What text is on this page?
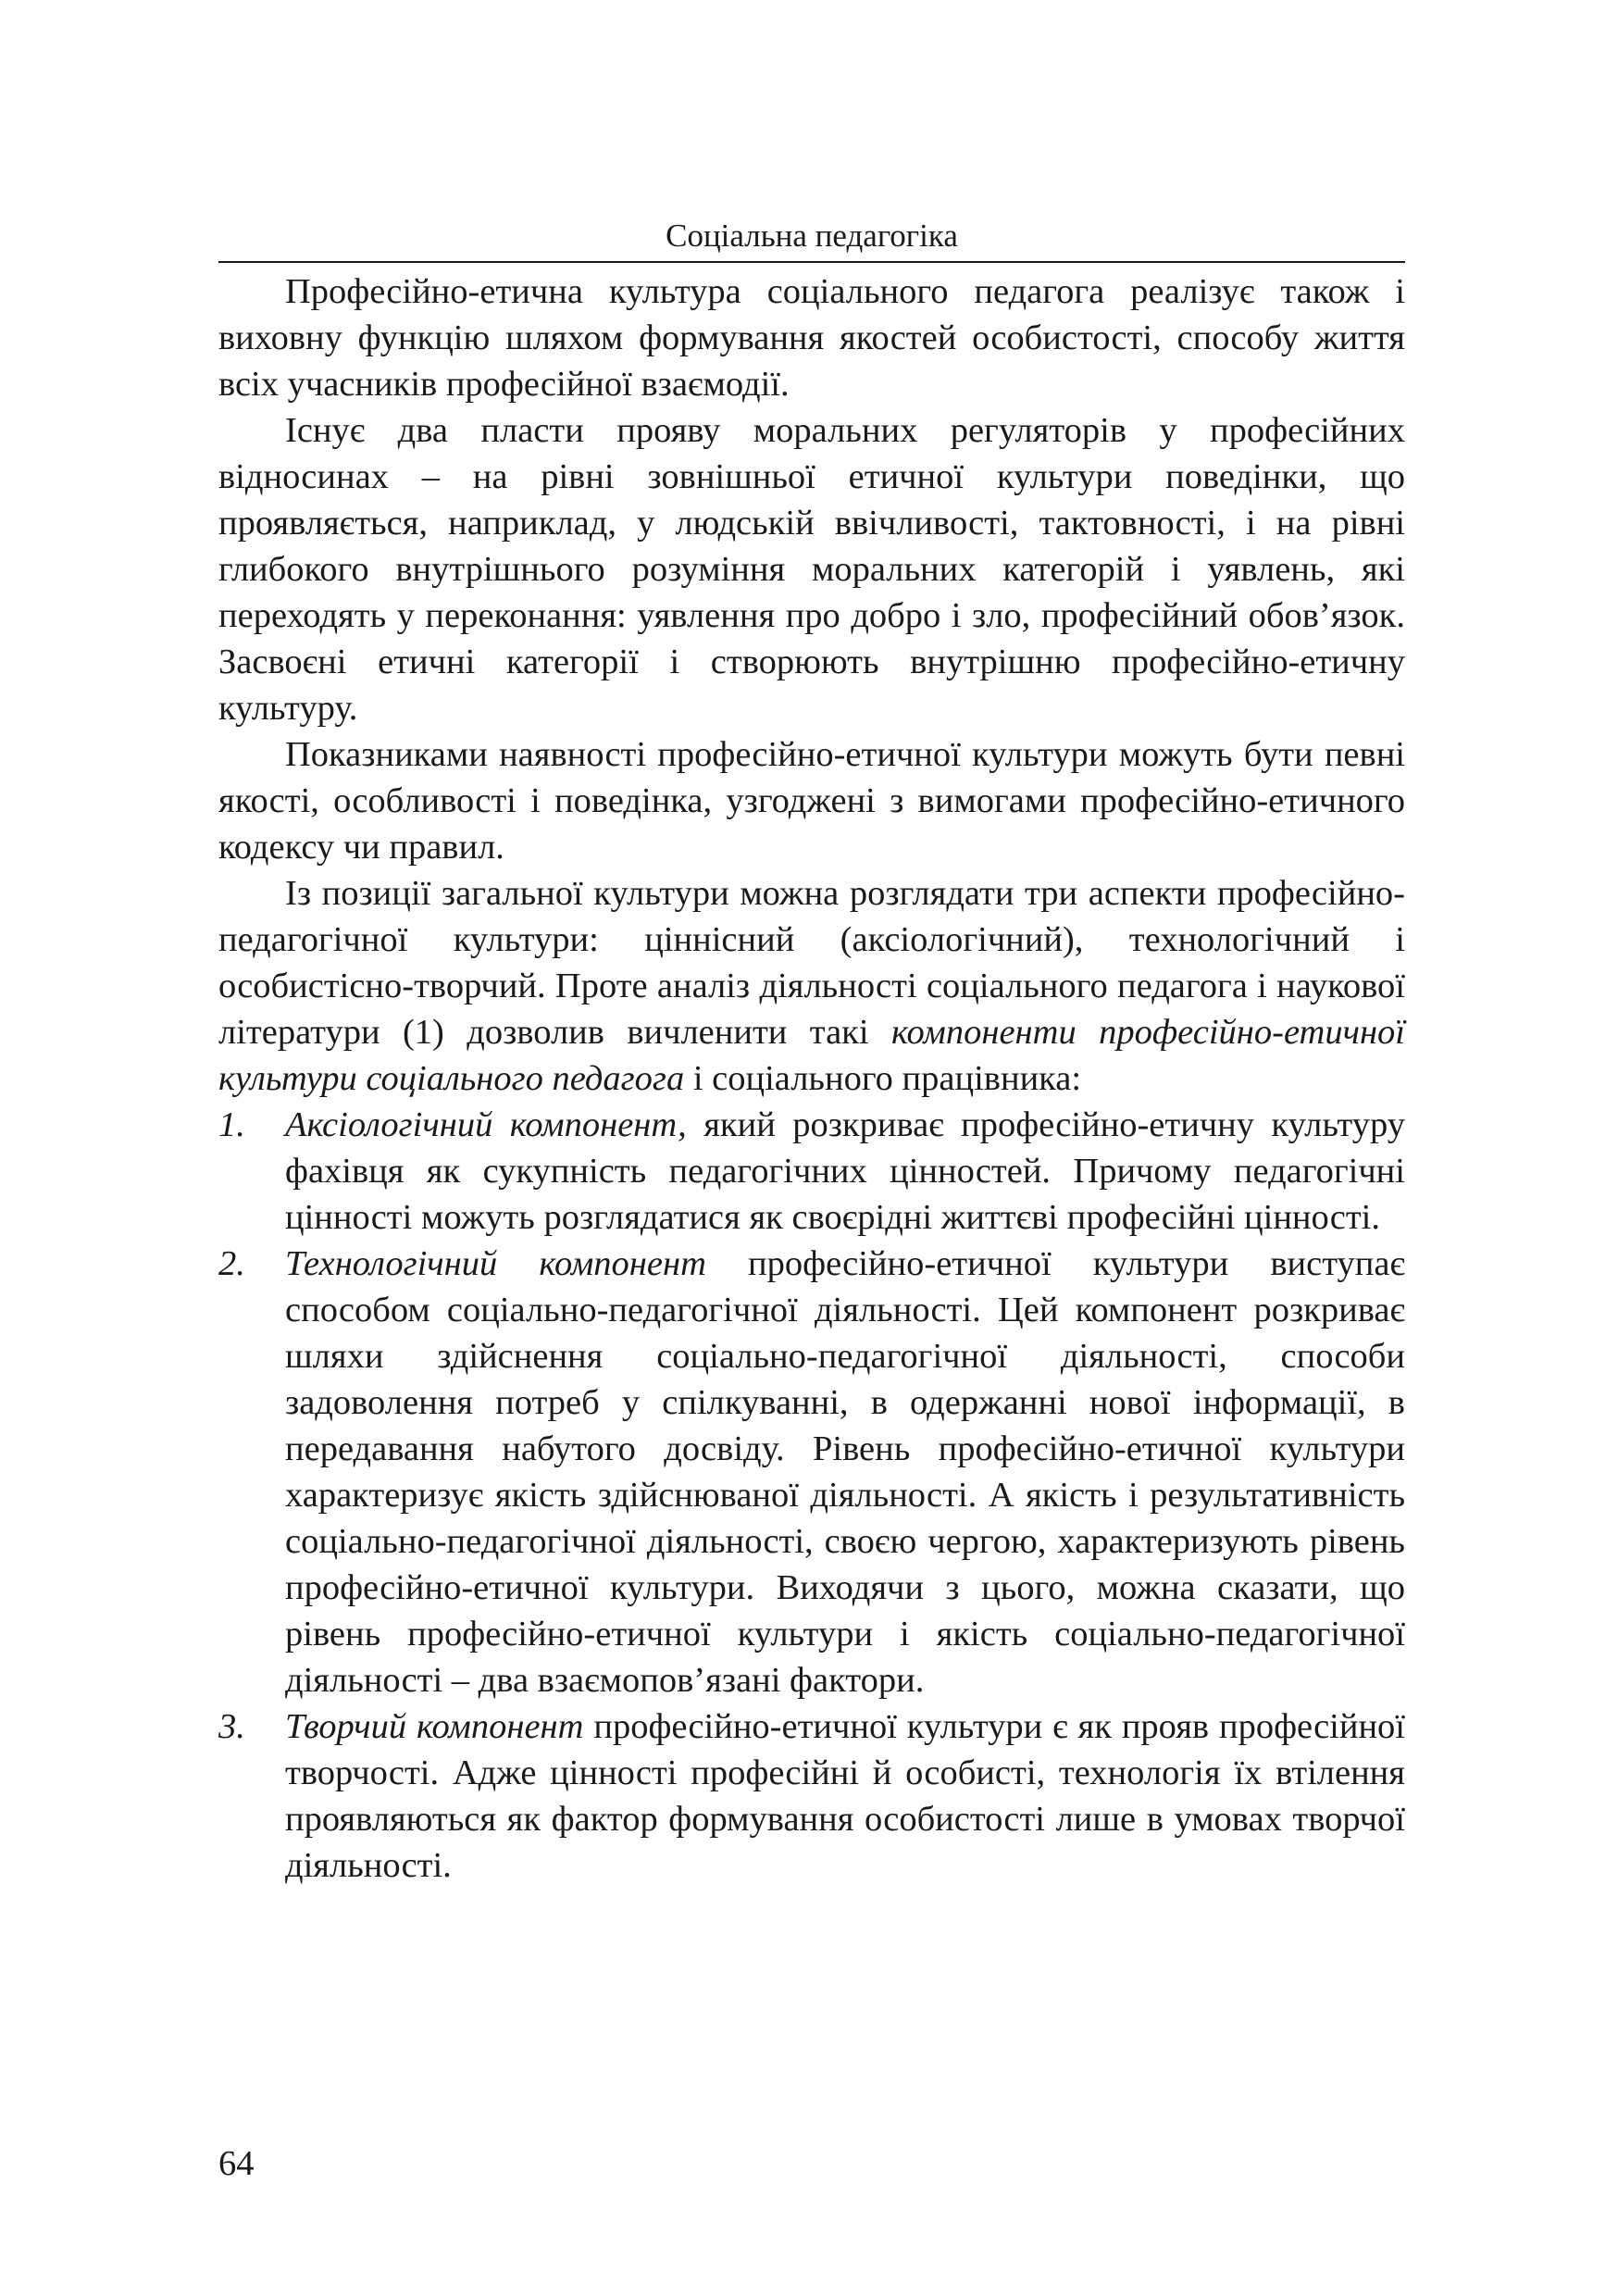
Соціальна педагогіка

Професійно-етична культура соціального педагога реалізує також і виховну функцію шляхом формування якостей особистості, способу життя всіх учасників професійної взаємодії.

Існує два пласти прояву моральних регуляторів у професійних відносинах – на рівні зовнішньої етичної культури поведінки, що проявляється, наприклад, у людській ввічливості, тактовності, і на рівні глибокого внутрішнього розуміння моральних категорій і уявлень, які переходять у переконання: уявлення про добро і зло, професійний обов’язок. Засвоєні етичні категорії і створюють внутрішню професійно-етичну культуру.

Показниками наявності професійно-етичної культури можуть бути певні якості, особливості і поведінка, узгоджені з вимогами професійно-етичного кодексу чи правил.

Із позиції загальної культури можна розглядати три аспекти професійно-педагогічної культури: ціннісний (аксіологічний), технологічний і особистісно-творчий. Проте аналіз діяльності соціального педагога і наукової літератури (1) дозволив вичленити такі компоненти професійно-етичної культури соціального педагога і соціального працівника:

1. Аксіологічний компонент, який розкриває професійно-етичну культуру фахівця як сукупність педагогічних цінностей. Причому педагогічні цінності можуть розглядатися як своєрідні життєві професійні цінності.
2. Технологічний компонент професійно-етичної культури виступає способом соціально-педагогічної діяльності. Цей компонент розкриває шляхи здійснення соціально-педагогічної діяльності, способи задоволення потреб у спілкуванні, в одержанні нової інформації, в передавання набутого досвіду. Рівень професійно-етичної культури характеризує якість здійснюваної діяльності. А якість і результативність соціально-педагогічної діяльності, своєю чергою, характеризують рівень професійно-етичної культури. Виходячи з цього, можна сказати, що рівень професійно-етичної культури і якість соціально-педагогічної діяльності – два взаємопов’язані фактори.
3. Творчий компонент професійно-етичної культури є як прояв професійної творчості. Адже цінності професійні й особисті, технологія їх втілення проявляються як фактор формування особистості лише в умовах творчої діяльності.
64
